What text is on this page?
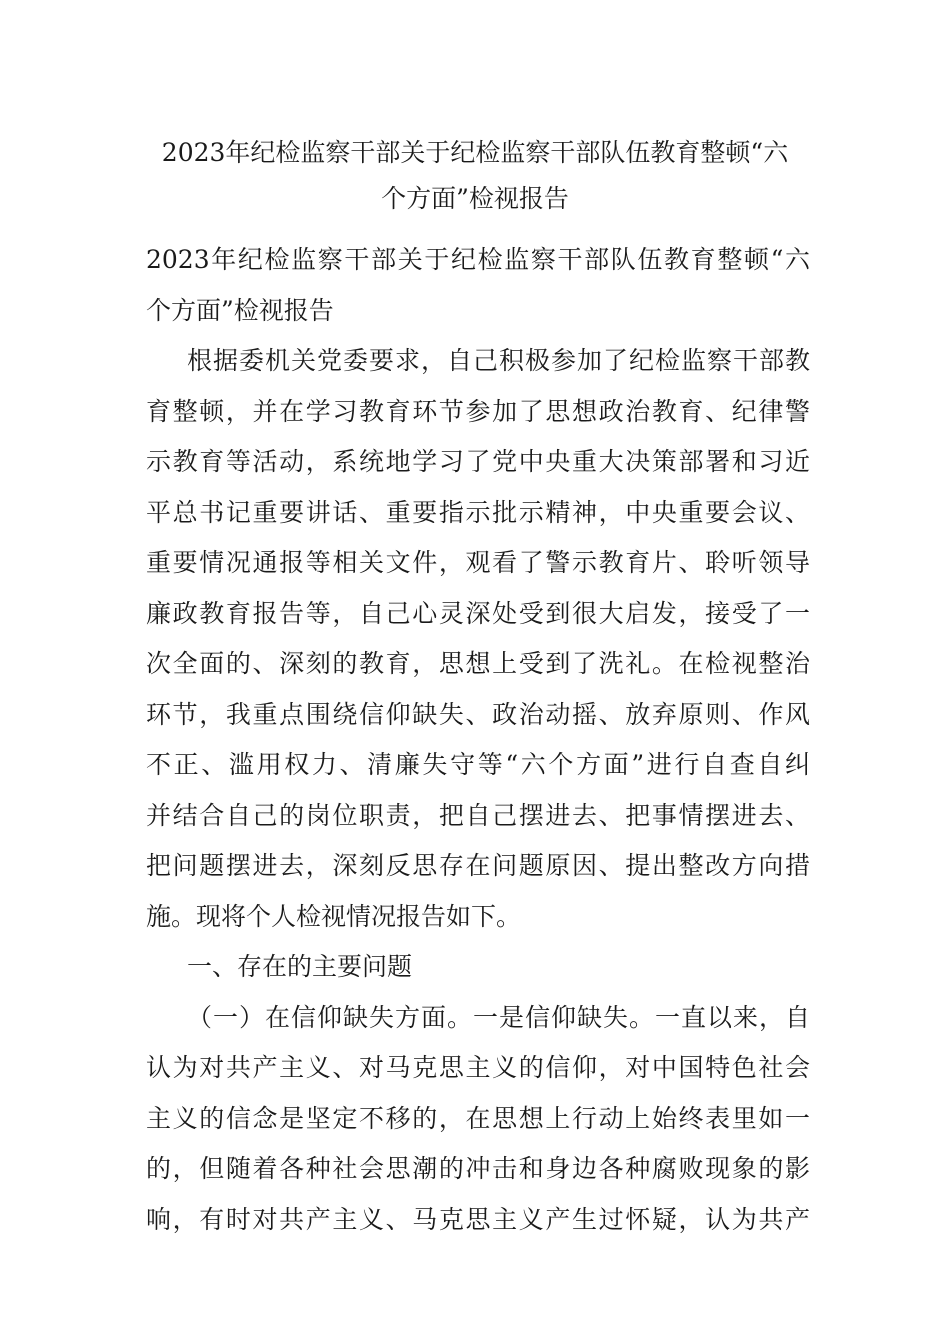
2023年纪检监察干部关于纪检监察干部队伍教育整顿“六
个方面”检视报告
2023年纪检监察干部关于纪检监察干部队伍教育整顿“六
个方面”检视报告
根据委机关党委要求，自己积极参加了纪检监察干部教
育整顿，并在学习教育环节参加了思想政治教育、纪律警
示教育等活动，系统地学习了党中央重大决策部署和习近
平总书记重要讲话、重要指示批示精神，中央重要会议、
重要情况通报等相关文件，观看了警示教育片、聆听领导
廉政教育报告等，自己心灵深处受到很大启发，接受了一
次全面的、深刻的教育，思想上受到了洗礼。在检视整治
环节，我重点围绕信仰缺失、政治动摇、放弃原则、作风
不正、滥用权力、清廉失守等“六个方面”进行自查自纠
并结合自己的岗位职责，把自己摆进去、把事情摆进去、
把问题摆进去，深刻反思存在问题原因、提出整改方向措
施。现将个人检视情况报告如下。
一、存在的主要问题
（一）在信仰缺失方面。一是信仰缺失。一直以来，自
认为对共产主义、对马克思主义的信仰，对中国特色社会
主义的信念是坚定不移的，在思想上行动上始终表里如一
的，但随着各种社会思潮的冲击和身边各种腐败现象的影
响，有时对共产主义、马克思主义产生过怀疑，认为共产
